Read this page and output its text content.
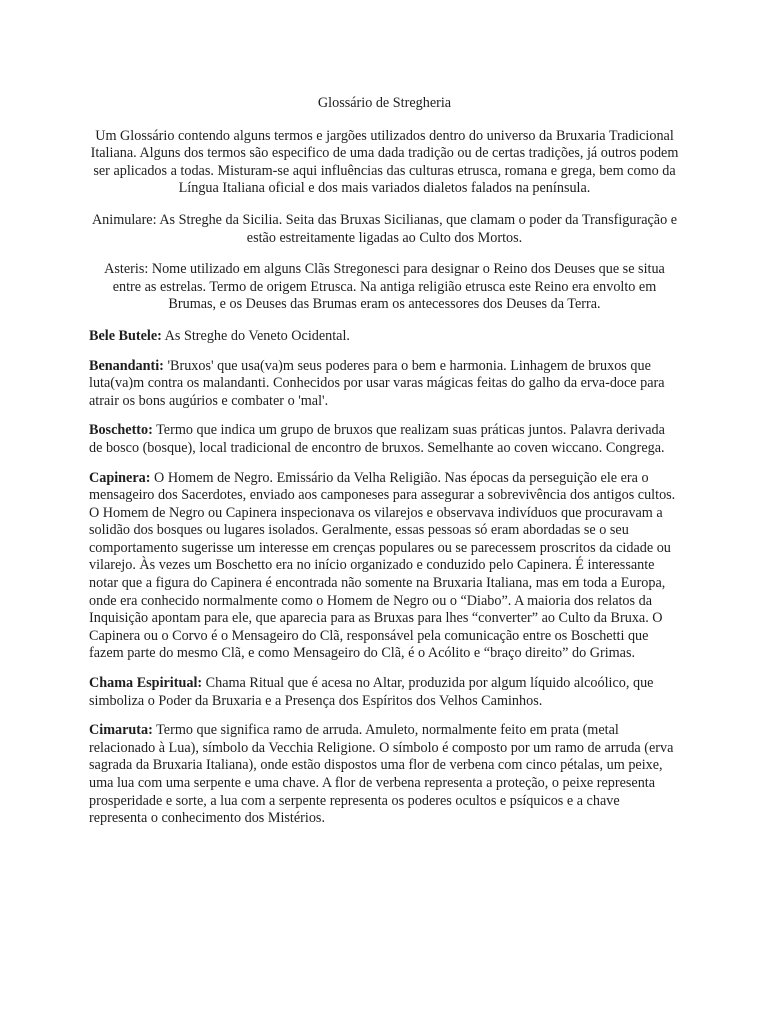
Glossário de Stregheria

Um Glossário contendo alguns termos e jargões utilizados dentro do universo da Bruxaria Tradicional Italiana. Alguns dos termos são especifico de uma dada tradição ou de certas tradições, já outros podem ser aplicados a todas. Misturam-se aqui influências das culturas etrusca, romana e grega, bem como da Língua Italiana oficial e dos mais variados dialetos falados na península.

Animulare: As Streghe da Sicilia. Seita das Bruxas Sicilianas, que clamam o poder da Transfiguração e estão estreitamente ligadas ao Culto dos Mortos.

Asteris: Nome utilizado em alguns Clãs Stregonesci para designar o Reino dos Deuses que se situa entre as estrelas. Termo de origem Etrusca. Na antiga religião etrusca este Reino era envolto em Brumas, e os Deuses das Brumas eram os antecessores dos Deuses da Terra.

Bele Butele: As Streghe do Veneto Ocidental.

Benandanti: 'Bruxos' que usa(va)m seus poderes para o bem e harmonia. Linhagem de bruxos que luta(va)m contra os malandanti. Conhecidos por usar varas mágicas feitas do galho da erva-doce para atrair os bons augúrios e combater o 'mal'.

Boschetto: Termo que indica um grupo de bruxos que realizam suas práticas juntos. Palavra derivada de bosco (bosque), local tradicional de encontro de bruxos. Semelhante ao coven wiccano. Congrega.

Capinera: O Homem de Negro. Emissário da Velha Religião. Nas épocas da perseguição ele era o mensageiro dos Sacerdotes, enviado aos camponeses para assegurar a sobrevivência dos antigos cultos. O Homem de Negro ou Capinera inspecionava os vilarejos e observava indivíduos que procuravam a solidão dos bosques ou lugares isolados. Geralmente, essas pessoas só eram abordadas se o seu comportamento sugerisse um interesse em crenças populares ou se parecessem proscritos da cidade ou vilarejo. Às vezes um Boschetto era no início organizado e conduzido pelo Capinera. É interessante notar que a figura do Capinera é encontrada não somente na Bruxaria Italiana, mas em toda a Europa, onde era conhecido normalmente como o Homem de Negro ou o “Diabo”. A maioria dos relatos da Inquisição apontam para ele, que aparecia para as Bruxas para lhes “converter” ao Culto da Bruxa. O Capinera ou o Corvo é o Mensageiro do Clã, responsável pela comunicação entre os Boschetti que fazem parte do mesmo Clã, e como Mensageiro do Clã, é o Acólito e “braço direito” do Grimas.

Chama Espiritual: Chama Ritual que é acesa no Altar, produzida por algum líquido alcoólico, que simboliza o Poder da Bruxaria e a Presença dos Espíritos dos Velhos Caminhos.

Cimaruta: Termo que significa ramo de arruda. Amuleto, normalmente feito em prata (metal relacionado à Lua), símbolo da Vecchia Religione. O símbolo é composto por um ramo de arruda (erva sagrada da Bruxaria Italiana), onde estão dispostos uma flor de verbena com cinco pétalas, um peixe, uma lua com uma serpente e uma chave. A flor de verbena representa a proteção, o peixe representa prosperidade e sorte, a lua com a serpente representa os poderes ocultos e psíquicos e a chave representa o conhecimento dos Mistérios.
